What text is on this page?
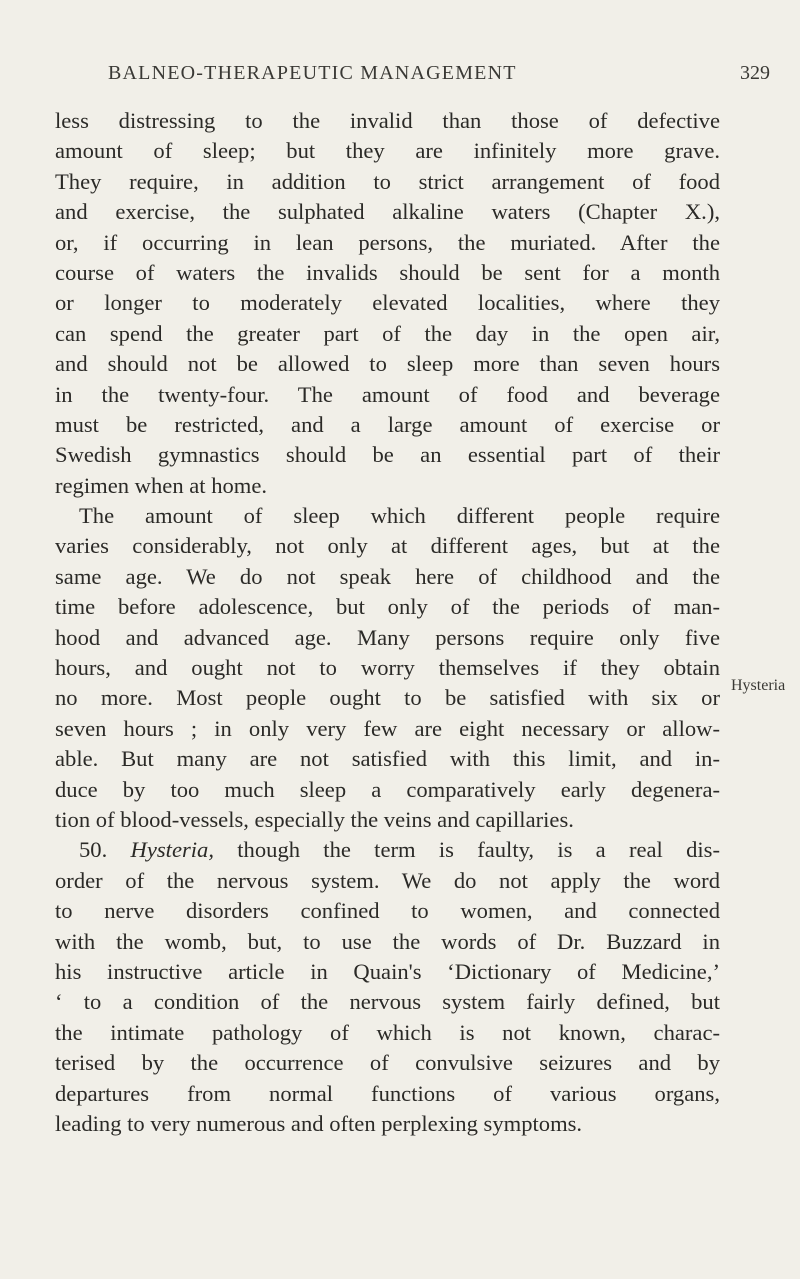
BALNEO-THERAPEUTIC MANAGEMENT	329
less distressing to the invalid than those of defective
amount of sleep; but they are infinitely more grave.
They require, in addition to strict arrangement of food
and exercise, the sulphated alkaline waters (Chapter X.),
or, if occurring in lean persons, the muriated. After the
course of waters the invalids should be sent for a month
or longer to moderately elevated localities, where they
can spend the greater part of the day in the open air,
and should not be allowed to sleep more than seven hours
in the twenty-four. The amount of food and beverage
must be restricted, and a large amount of exercise or
Swedish gymnastics should be an essential part of their
regimen when at home.
The amount of sleep which different people require
varies considerably, not only at different ages, but at the
same age. We do not speak here of childhood and the
time before adolescence, but only of the periods of man-
hood and advanced age. Many persons require only five
hours, and ought not to worry themselves if they obtain
no more. Most people ought to be satisfied with six or
seven hours ; in only very few are eight necessary or allow-
able. But many are not satisfied with this limit, and in-
duce by too much sleep a comparatively early degenera-
tion of blood-vessels, especially the veins and capillaries.
50. Hysteria, though the term is faulty, is a real dis-
order of the nervous system. We do not apply the word
to nerve disorders confined to women, and connected
with the womb, but, to use the words of Dr. Buzzard in
his instructive article in Quain's ‘Dictionary of Medicine,’
‘ to a condition of the nervous system fairly defined, but
the intimate pathology of which is not known, charac-
terised by the occurrence of convulsive seizures and by
departures from normal functions of various organs,
leading to very numerous and often perplexing symptoms.
Hysteria
